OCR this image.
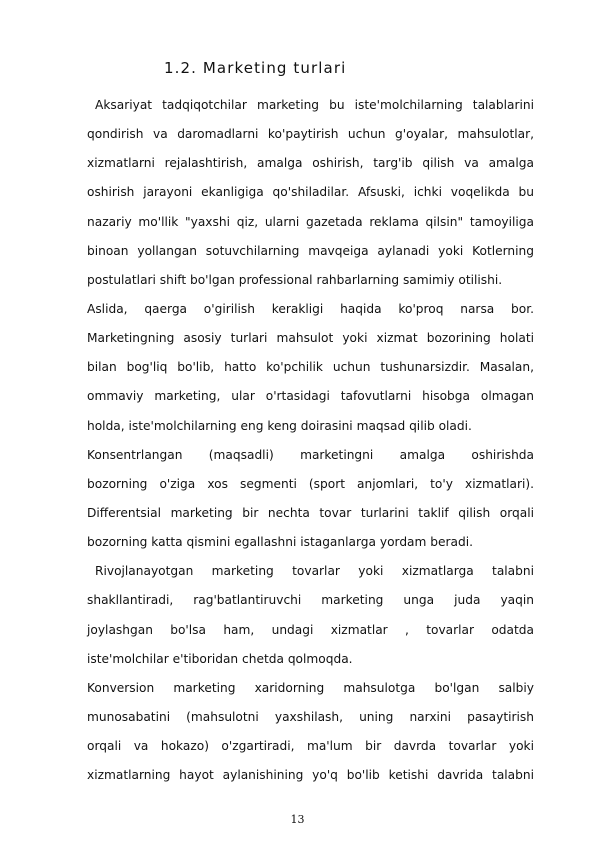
1.2. Marketing turlari
Aksariyat tadqiqotchilar marketing bu iste'molchilarning talablarini
qondirish va daromadlarni ko'paytirish uchun g'oyalar, mahsulotlar,
xizmatlarni rejalashtirish, amalga oshirish, targ'ib qilish va amalga
oshirish jarayoni ekanligiga qo'shiladilar. Afsuski, ichki voqelikda bu
nazariy mo'llik "yaxshi qiz, ularni gazetada reklama qilsin" tamoyiliga
binoan yollangan sotuvchilarning mavqeiga aylanadi yoki Kotlerning
postulatlari shift bo'lgan professional rahbarlarning samimiy otilishi.
Aslida, qaerga o'girilish kerakligi haqida ko'proq narsa bor.
Marketingning asosiy turlari mahsulot yoki xizmat bozorining holati
bilan bog'liq bo'lib, hatto ko'pchilik uchun tushunarsizdir. Masalan,
ommaviy marketing, ular o'rtasidagi tafovutlarni hisobga olmagan
holda, iste'molchilarning eng keng doirasini maqsad qilib oladi.
Konsentrlangan (maqsadli) marketingni amalga oshirishda
bozorning o'ziga xos segmenti (sport anjomlari, to'y xizmatlari).
Differentsial marketing bir nechta tovar turlarini taklif qilish orqali
bozorning katta qismini egallashni istaganlarga yordam beradi.
Rivojlanayotgan marketing tovarlar yoki xizmatlarga talabni
shakllantiradi, rag'batlantiruvchi marketing unga juda yaqin
joylashgan bo'lsa ham, undagi xizmatlar , tovarlar odatda
iste'molchilar e'tiboridan chetda qolmoqda.
Konversion marketing xaridorning mahsulotga bo'lgan salbiy
munosabatini (mahsulotni yaxshilash, uning narxini pasaytirish
orqali va hokazo) o'zgartiradi, ma'lum bir davrda tovarlar yoki
xizmatlarning hayot aylanishining yo'q bo'lib ketishi davrida talabni
13
